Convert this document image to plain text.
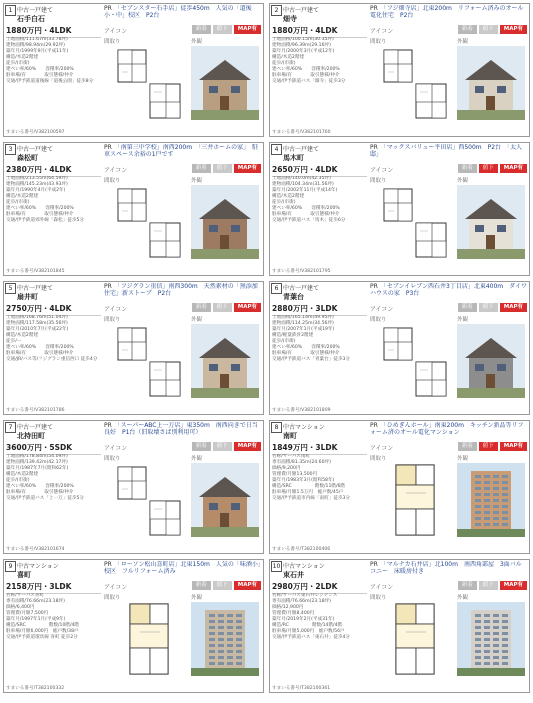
1 中古一戸建て
石手白石
PR 「セブンスター石手店」徒歩450m　人気の「道後小・中」校区　P2台
1880万円・4LDK	アイコン	新着	値下	MAP有
土地面積/111.67m(33.78坪)
建物面積/98.94m(29.92坪)
築年月/1999年9月(平成11年)
構造/木造2階建
徒歩/(市街)
建ぺい率/60%　　容積率/200%
駐車場/有　　　　取引態様/仲介
交通/伊予鉄道道後線「道後公園」徒歩8分
間取り	外観
すまいる番号/V382100597
2 中古一戸建て
畑寺
PR 「フジ畑寺店」北東200m　リフォーム済みのオール電化住宅　P2台
1880万円・4LDK	アイコン	新着	値下	MAP有
土地面積/100.15m(30.35坪)
建物面積/96.39m(29.16坪)
築年月/2000年3月(平成12年)
構造/木造2階建
徒歩/(市街)
建ぺい率/60%　　容積率/200%
駐車場/有　　　　取引態様/仲介
交通/伊予鉄道バス「畑寺」徒歩3分
間取り	外観
すまいる番号/V382101760
3 中古一戸建て
森松町
PR 「南第三中学校」南西200m　「三井ホームの家」　駐車スペース余裕の1戸です
2380万円・4LDK	アイコン	新着	値下	MAP有
土地面積/213.55m(64.59坪)
建物面積/145.23m(43.93坪)
築年月/1990年4月(平成2年)
構造/木造2階建
徒歩/(市街)
建ぺい率/60%　　容積率/200%
駐車場/有　　　　取引態様/仲介
交通/伊予鉄道郊外線「森松」徒歩5分
間取り	外観
すまいる番号/V382101845
4 中古一戸建て
馬木町
PR 「マックスバリュー平田店」西500m　P2台　「太人邸」
2650万円・4LDK	アイコン	新着	値下	MAP有
土地面積/140.0m(42.35坪)
建物面積/104.34m(31.56坪)
築年月/2002年11月(平成14年)
構造/木造2階建
徒歩/(市街)
建ぺい率/60%　　容積率/200%
駐車場/有　　　　取引態様/仲介
交通/伊予鉄道バス「馬木」徒歩6分
間取り	外観
すまいる番号/V382101795
5 中古一戸建て
扇井町
PR 「フジグラン重信」南西300m　天然素材の「無添加住宅」新ストーブ　P2台
2750万円・4LDK	アイコン	新着	値下	MAP有
土地面積/168.76m(51.04坪)
建物面積/117.58m(35.56坪)
築年月/2010年7月(平成22年)
構造/木造2階建
徒歩/ー
建ぺい率/60%　　容積率/200%
駐車場/有　　　　取引態様/仲介
交通/JR/バス等/フジグラン重信西口 徒歩4分
間取り	外観
すまいる番号/V382101786
6 中古一戸建て
青葉台
PR 「セブンイレブン西石井3丁目店」北東400m　ダイワハウスの家　P3台
2880万円・3LDK	アイコン	新着	値下	MAP有
土地面積/165.14m(49.95坪)
建物面積/114.25m(34.56坪)
築年月/2007年1月(平成19年)
構造/軽量鉄骨2階建
徒歩/(市街)
建ぺい率/60%　　容積率/200%
駐車場/有　　　　取引態様/仲介
交通/伊予鉄道バス「青葉台」徒歩3分
間取り	外観
すまいる番号/V382101809
7 中古一戸建て
北持田町
PR 「スーパーABC上一万店」東350m　南西向きで日当良好　P1台（旧取壊さば別利用可）
3600万円・5SDK	アイコン	新着	値下	MAP有
土地面積/178.84m(54.09坪)
建物面積/139.42m(42.17坪)
築年月/1987年7月(昭和62年)
構造/木造2階建
徒歩/(市街)
建ぺい率/60%　　容積率/200%
駐車場/有　　　　取引態様/仲介
交通/伊予鉄道バス「上一万」徒歩5分
間取り	外観
すまいる番号/V382101674
8 中古マンション
南町
PR 「ひめぎんホール」南東200m　キッチン新品等リフォーム済のオール電化マンション
1849万円・3LDK	アイコン	新着	値下	MAP有
名称/サーパス南町
専有面積/81.35m(24.60坪)
価格/9,200円
管理費/月額13,500円
築年月/1983年3月(昭和58年)
構造/SRC　　　　　階数/11階/6階
駐車場/月額1.5万円　総戸数/45戸
交通/伊予鉄道市内線「南町」徒歩3分
間取り	外観
すまいる番号/T382100406
9 中古マンション
喜町
PR 「ローソン松山喜町店」北東150m　人気の「味酒小」校区　フルリフォーム済み
2158万円・3LDK	アイコン	新着	値下	MAP有
名称/サーパス喜町
専有面積/76.66m(23.18坪)
価格/6,400円
管理費/月額7,500円
築年月/1997年1月(平成9年)
構造/SRC　　　　　階数/10階/4階
駐車場/月額6,000円　総戸数/38戸
交通/伊予鉄道環状線 喜町 徒歩2分
間取り	外観
すまいる番号/T382100332
10 中古マンション
束石井
PR 「マルナカ石井店」北100m　南西角部屋　3面バルコニー　床暖房付き
2980万円・2LDK	アイコン	新着	値下	MAP有
名称/サーパス東石井レジデンス
専有面積/76.66m(23.18坪)
価格/12,900円
管理費/月額8,400円
築年月/2019年2月(平成31年)
構造/RC　　　　　階数/14階/4階
駐車場/月額5,000円　総戸数/56戸
交通/伊予鉄道バス「東石井」徒歩4分
間取り	外観
すまいる番号/T382100361
